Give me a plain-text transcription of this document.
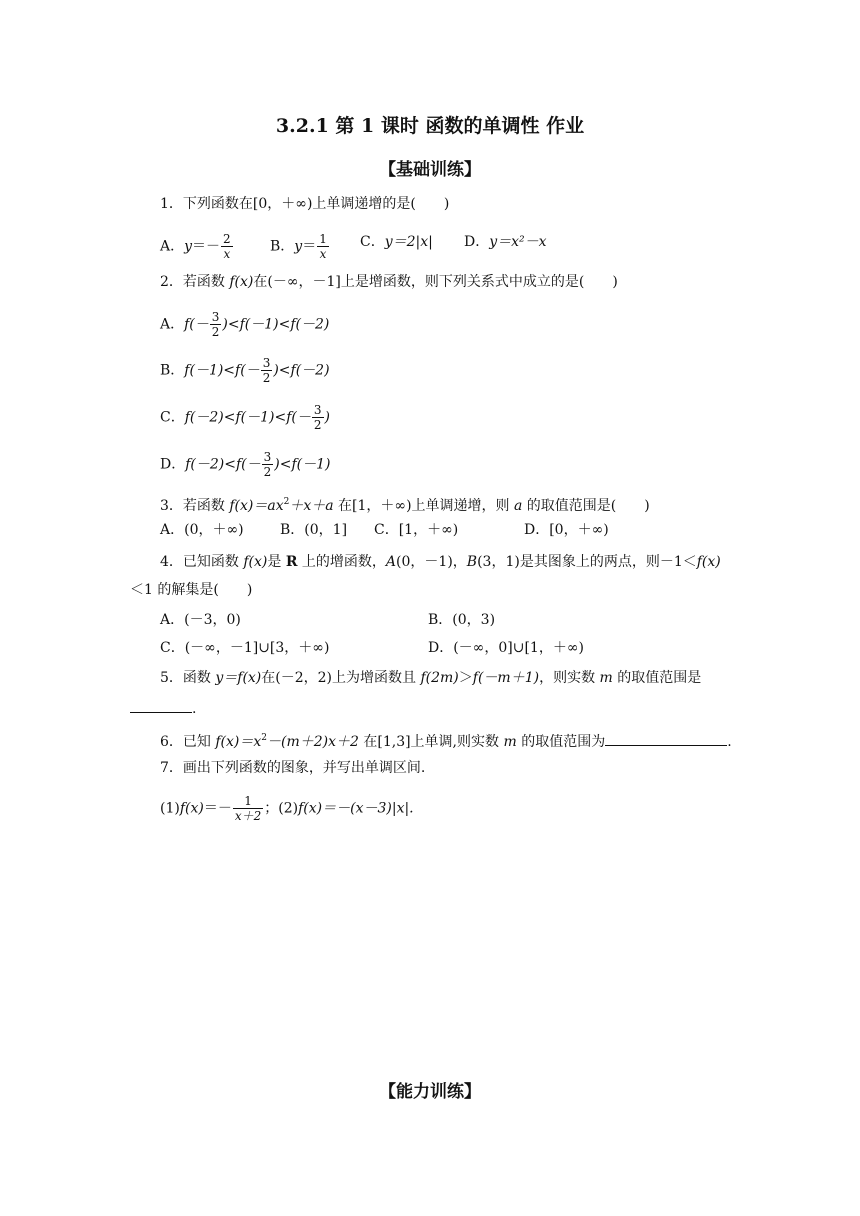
3.2.1 第 1 课时 函数的单调性 作业
【基础训练】
1．下列函数在[0，＋∞)上单调递增的是(　　)
A．$y=- \frac{2}{x}$	B．$y= \frac{1}{x}$ C．y＝2|x| D．y＝x²－x
2．若函数 f(x)在(－∞，－1]上是增函数，则下列关系式中成立的是(　　)
A．$f(- \frac{3}{2} )<f(-1)<f(-2)$
B．$f(-1)<f(- \frac{3}{2} )<f(-2)$
C．$f(-2)<f(-1)<f(- \frac{3}{2}$ )
D．$f(-2)<f(- \frac{3}{2} )<f(-1)$
3．若函数 $f(x)=ax^2+x+a$ 在[1，＋∞)上单调递增，则 a 的取值范围是(　　)
A．(0，＋∞)	B．(0，1] C．[1，＋∞)	D．[0，＋∞)
4．已知函数 f(x)是 R 上的增函数，A(0，－1)，B(3，1)是其图象上的两点，则－1＜f(x)
＜1 的解集是(　　)
A．(－3，0)	B．(0，3)
C．(－∞，－1]∪[3，＋∞)	D．(－∞，0]∪[1，＋∞)
5．函数 y＝f(x)在(－2，2)上为增函数且 f(2m)＞f(－m＋1)，则实数 m 的取值范围是
.
6．已知 $f(x)=x^2-(m+2)x+2$ 在[1,3]上单调,则实数 m 的取值范围为	.
7．画出下列函数的图象，并写出单调区间.
$(1)f(x)=- \frac{1}{x+2}$ ；(2)f(x)＝－(x－3)|x|.
【能力训练】
